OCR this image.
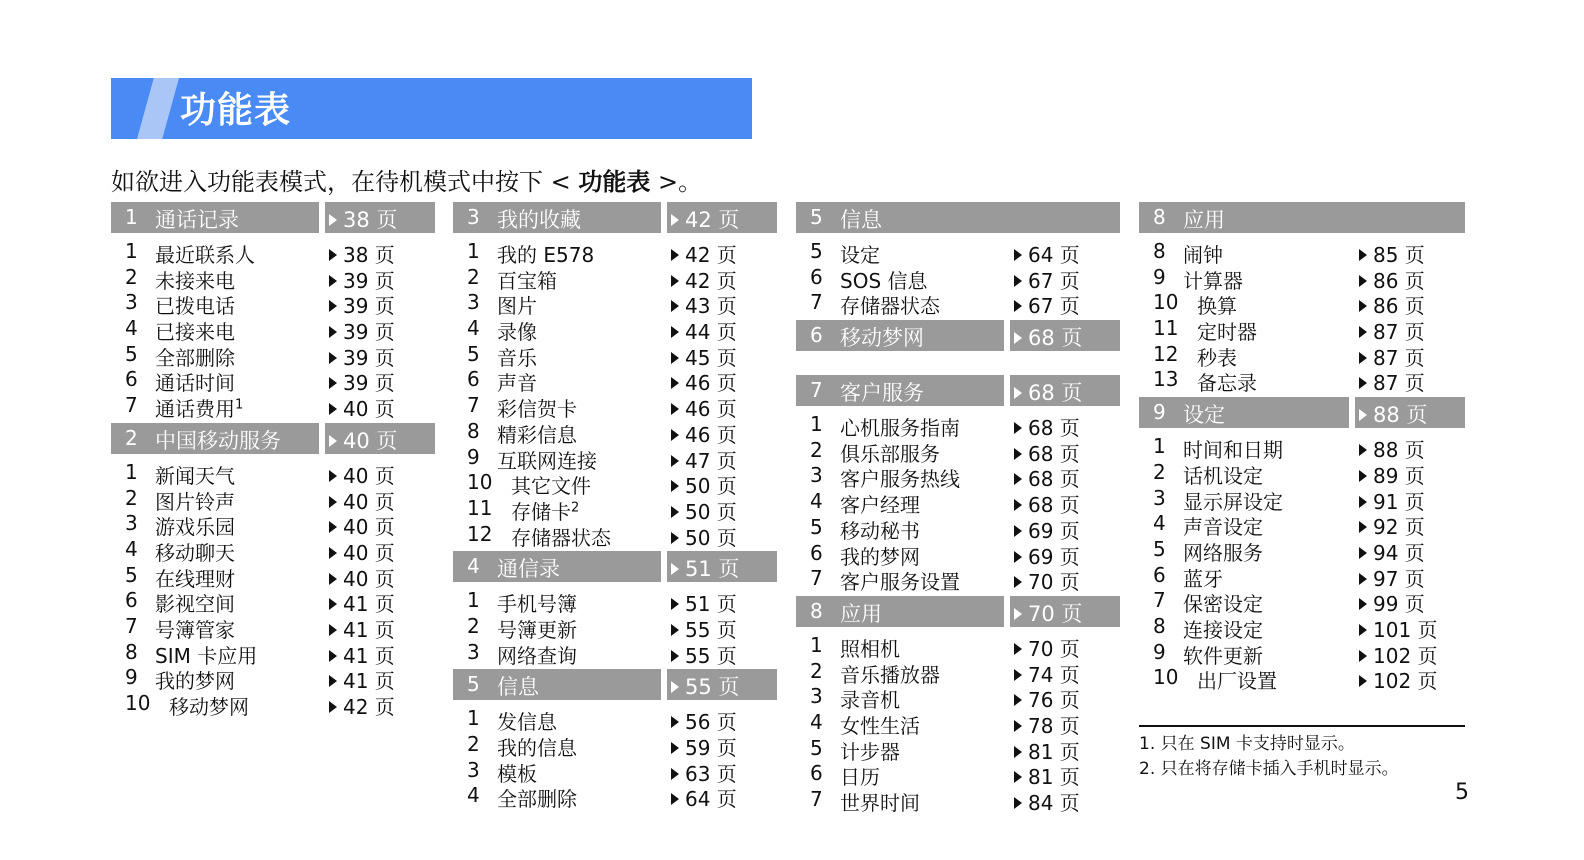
功能表
如欲进入功能表模式，在待机模式中按下 < 功能表 >。
1 通话记录	38 页
1 最近联系人	38 页
2 未接来电	39 页
3 已拨电话	39 页
4 已接来电	39 页
5 全部删除	39 页
6 通话时间	39 页
7 通话费用$^1$	40 页
2 中国移动服务	40 页
1 新闻天气	40 页
2 图片铃声	40 页
3 游戏乐园	40 页
4 移动聊天	40 页
5 在线理财	40 页
6 影视空间	41 页
7 号簿管家	41 页
8 SIM 卡应用	41 页
9 我的梦网	41 页
10 移动梦网	42 页
3 我的收藏	42 页
1 我的 E578	42 页
2 百宝箱	42 页
3 图片	43 页
4 录像	44 页
5 音乐	45 页
6 声音	46 页
7 彩信贺卡	46 页
8 精彩信息	46 页
9 互联网连接	47 页
10 其它文件	50 页
11 存储卡$^2$	50 页
12 存储器状态	50 页
4 通信录	51 页
1 手机号簿	51 页
2 号簿更新	55 页
3 网络查询	55 页
5 信息	55 页
1 发信息	56 页
2 我的信息	59 页
3 模板	63 页
4 全部删除	64 页
5 信息
5 设定	64 页
6 SOS 信息	67 页
7 存储器状态	67 页
6 移动梦网	68 页
7 客户服务	68 页
1 心机服务指南	68 页
2 俱乐部服务	68 页
3 客户服务热线	68 页
4 客户经理	68 页
5 移动秘书	69 页
6 我的梦网	69 页
7 客户服务设置	70 页
8 应用	70 页
1 照相机	70 页
2 音乐播放器	74 页
3 录音机	76 页
4 女性生活	78 页
5 计步器	81 页
6 日历	81 页
7 世界时间	84 页
8 应用
8 闹钟	85 页
9 计算器	86 页
10 换算	86 页
11 定时器	87 页
12 秒表	87 页
13 备忘录	87 页
9 设定	88 页
1 时间和日期	88 页
2 话机设定	89 页
3 显示屏设定	91 页
4 声音设定	92 页
5 网络服务	94 页
6 蓝牙	97 页
7 保密设定	99 页
8 连接设定	101 页
9 软件更新	102 页
10 出厂设置	102 页
1. 只在 SIM 卡支持时显示。
2. 只在将存储卡插入手机时显示。
5
